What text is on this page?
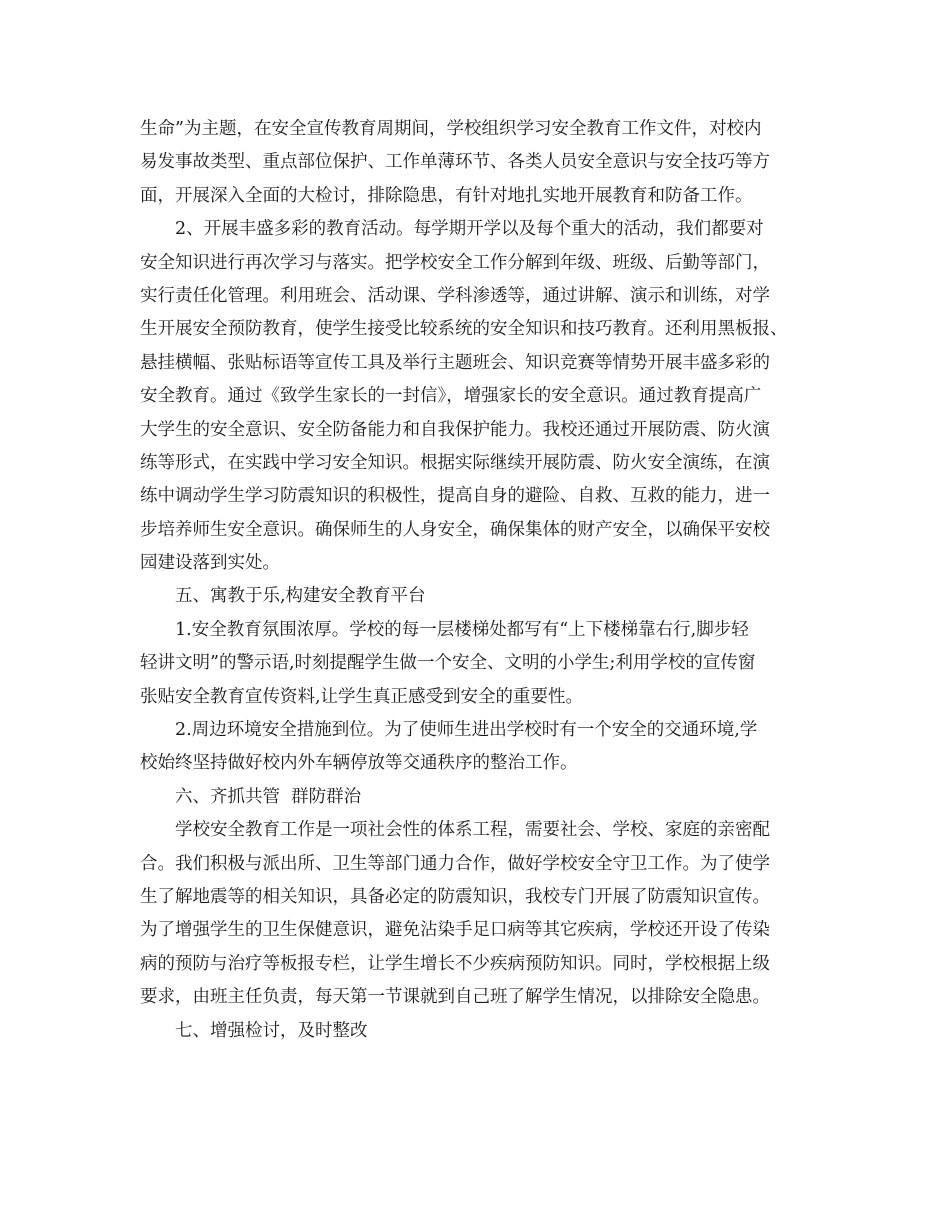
生命”为主题，在安全宣传教育周期间，学校组织学习安全教育工作文件，对校内
易发事故类型、重点部位保护、工作单薄环节、各类人员安全意识与安全技巧等方
面，开展深入全面的大检讨，排除隐患，有针对地扎实地开展教育和防备工作。
2、开展丰盛多彩的教育活动。每学期开学以及每个重大的活动，我们都要对
安全知识进行再次学习与落实。把学校安全工作分解到年级、班级、后勤等部门，
实行责任化管理。利用班会、活动课、学科渗透等，通过讲解、演示和训练，对学
生开展安全预防教育，使学生接受比较系统的安全知识和技巧教育。还利用黑板报、
悬挂横幅、张贴标语等宣传工具及举行主题班会、知识竞赛等情势开展丰盛多彩的
安全教育。通过《致学生家长的一封信》，增强家长的安全意识。通过教育提高广
大学生的安全意识、安全防备能力和自我保护能力。我校还通过开展防震、防火演
练等形式，在实践中学习安全知识。根据实际继续开展防震、防火安全演练，在演
练中调动学生学习防震知识的积极性，提高自身的避险、自救、互救的能力，进一
步培养师生安全意识。确保师生的人身安全，确保集体的财产安全，以确保平安校
园建设落到实处。
五、寓教于乐,构建安全教育平台
1.安全教育氛围浓厚。学校的每一层楼梯处都写有“上下楼梯靠右行,脚步轻
轻讲文明”的警示语,时刻提醒学生做一个安全、文明的小学生;利用学校的宣传窗
张贴安全教育宣传资料,让学生真正感受到安全的重要性。
2.周边环境安全措施到位。为了使师生进出学校时有一个安全的交通环境,学
校始终坚持做好校内外车辆停放等交通秩序的整治工作。
六、齐抓共管  群防群治
学校安全教育工作是一项社会性的体系工程，需要社会、学校、家庭的亲密配
合。我们积极与派出所、卫生等部门通力合作，做好学校安全守卫工作。为了使学
生了解地震等的相关知识，具备必定的防震知识，我校专门开展了防震知识宣传。
为了增强学生的卫生保健意识，避免沾染手足口病等其它疾病，学校还开设了传染
病的预防与治疗等板报专栏，让学生增长不少疾病预防知识。同时，学校根据上级
要求，由班主任负责，每天第一节课就到自己班了解学生情况，以排除安全隐患。
七、增强检讨，及时整改
